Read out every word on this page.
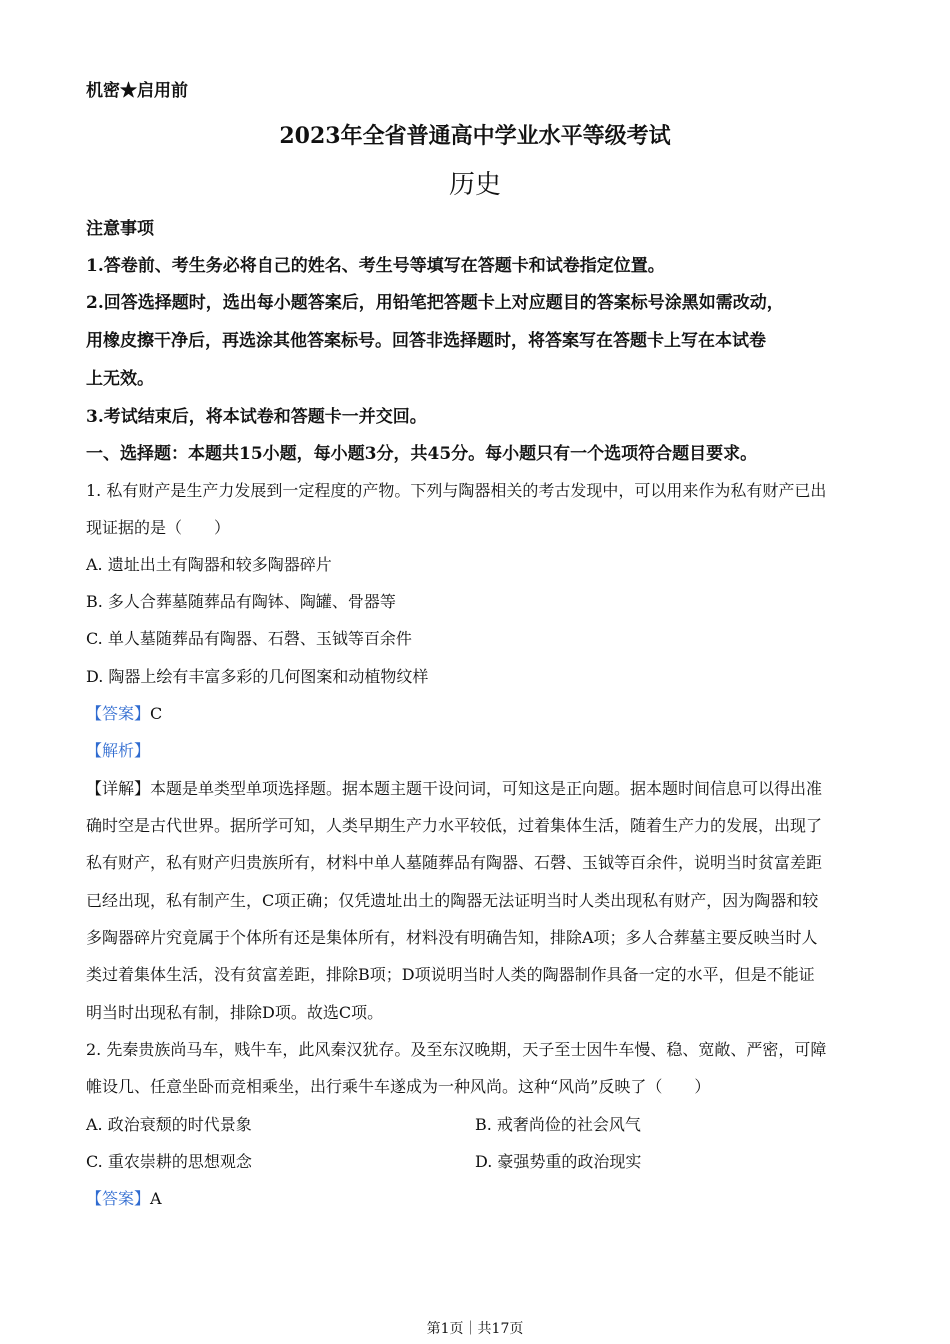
机密★启用前
2023年全省普通高中学业水平等级考试
历史
注意事项
1.答卷前、考生务必将自己的姓名、考生号等填写在答题卡和试卷指定位置。
2.回答选择题时，选出每小题答案后，用铅笔把答题卡上对应题目的答案标号涂黑如需改动，
用橡皮擦干净后，再选涂其他答案标号。回答非选择题时，将答案写在答题卡上写在本试卷
上无效。
3.考试结束后，将本试卷和答题卡一并交回。
一、选择题：本题共15小题，每小题3分，共45分。每小题只有一个选项符合题目要求。
1. 私有财产是生产力发展到一定程度的产物。下列与陶器相关的考古发现中，可以用来作为私有财产已出
现证据的是（　　）
A. 遗址出土有陶器和较多陶器碎片
B. 多人合葬墓随葬品有陶钵、陶罐、骨器等
C. 单人墓随葬品有陶器、石磬、玉钺等百余件
D. 陶器上绘有丰富多彩的几何图案和动植物纹样
【答案】C
【解析】
【详解】本题是单类型单项选择题。据本题主题干设问词，可知这是正向题。据本题时间信息可以得出准
确时空是古代世界。据所学可知，人类早期生产力水平较低，过着集体生活，随着生产力的发展，出现了
私有财产，私有财产归贵族所有，材料中单人墓随葬品有陶器、石磬、玉钺等百余件，说明当时贫富差距
已经出现，私有制产生，C项正确；仅凭遗址出土的陶器无法证明当时人类出现私有财产，因为陶器和较
多陶器碎片究竟属于个体所有还是集体所有，材料没有明确告知，排除A项；多人合葬墓主要反映当时人
类过着集体生活，没有贫富差距，排除B项；D项说明当时人类的陶器制作具备一定的水平，但是不能证
明当时出现私有制，排除D项。故选C项。
2. 先秦贵族尚马车，贱牛车，此风秦汉犹存。及至东汉晚期，天子至士因牛车慢、稳、宽敞、严密，可障
帷设几、任意坐卧而竞相乘坐，出行乘牛车遂成为一种风尚。这种“风尚”反映了（　　）
A. 政治衰颓的时代景象	B. 戒奢尚俭的社会风气
C. 重农崇耕的思想观念	D. 豪强势重的政治现实
【答案】A
第1页｜共17页
